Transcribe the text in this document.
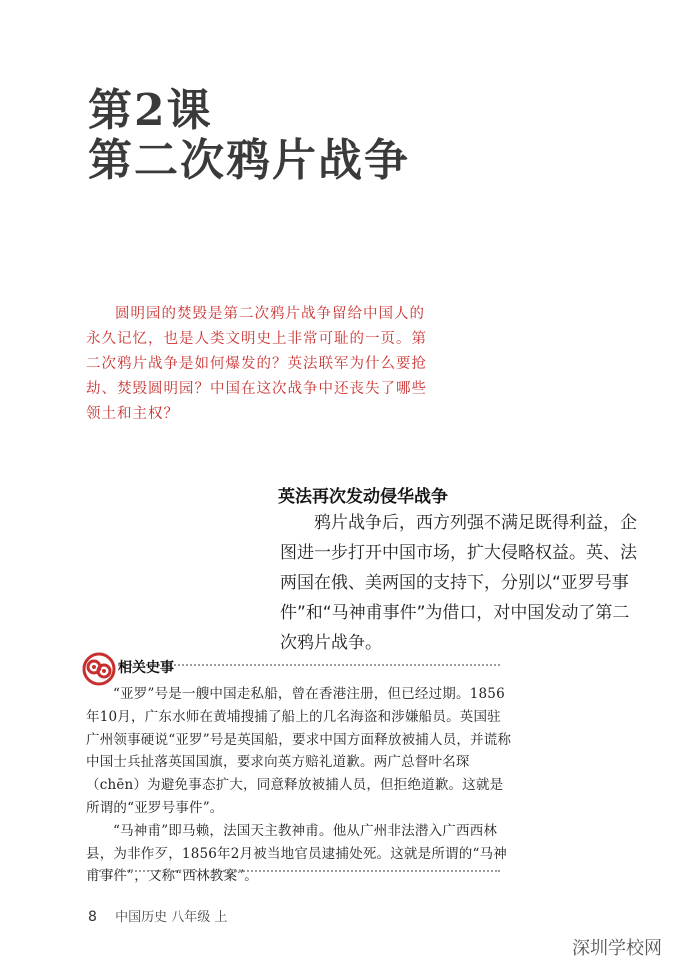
第2课
第二次鸦片战争

圆明园的焚毁是第二次鸦片战争留给中国人的永久记忆，也是人类文明史上非常可耻的一页。第二次鸦片战争是如何爆发的？英法联军为什么要抢劫、焚毁圆明园？中国在这次战争中还丧失了哪些领土和主权？

英法再次发动侵华战争

鸦片战争后，西方列强不满足既得利益，企图进一步打开中国市场，扩大侵略权益。英、法两国在俄、美两国的支持下，分别以“亚罗号事件”和“马神甫事件”为借口，对中国发动了第二次鸦片战争。

相关史事

“亚罗”号是一艘中国走私船，曾在香港注册，但已经过期。1856年10月，广东水师在黄埔搜捕了船上的几名海盗和涉嫌船员。英国驻广州领事硬说“亚罗”号是英国船，要求中国方面释放被捕人员，并谎称中国士兵扯落英国国旗，要求向英方赔礼道歉。两广总督叶名琛（chēn）为避免事态扩大，同意释放被捕人员，但拒绝道歉。这就是所谓的“亚罗号事件”。

“马神甫”即马赖，法国天主教神甫。他从广州非法潜入广西西林县，为非作歹，1856年2月被当地官员逮捕处死。这就是所谓的“马神甫事件”，又称“西林教案”。

8 中国历史 八年级 上
深圳学校网
